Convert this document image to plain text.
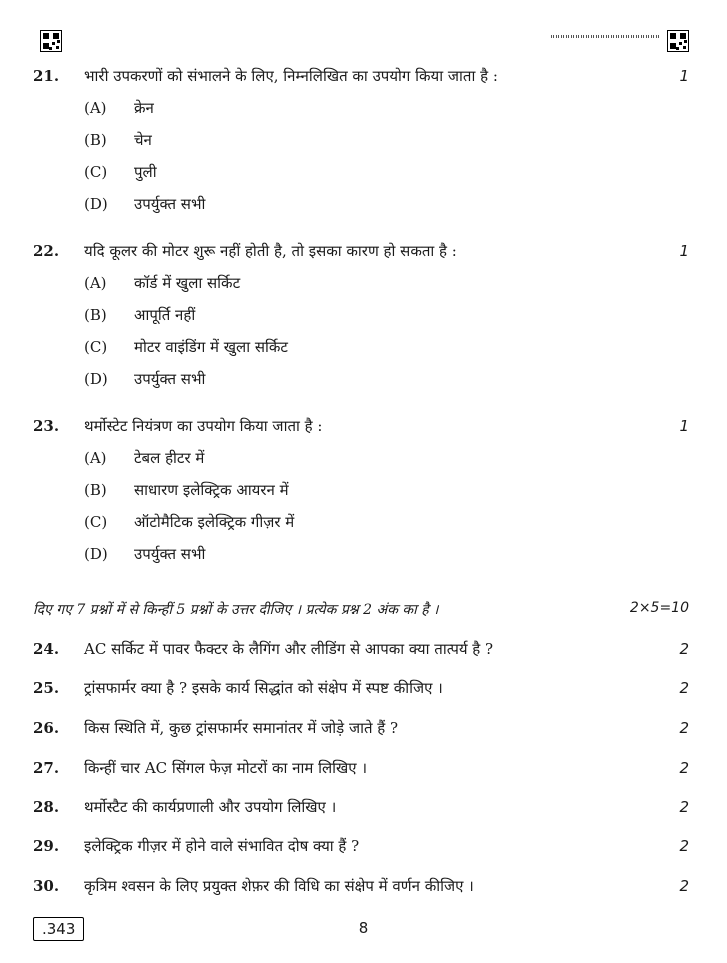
21. भारी उपकरणों को संभालने के लिए, निम्नलिखित का उपयोग किया जाता है :	1
(A) क्रेन
(B) चेन
(C) पुली
(D) उपर्युक्त सभी
22. यदि कूलर की मोटर शुरू नहीं होती है, तो इसका कारण हो सकता है :	1
(A) कॉर्ड में खुला सर्किट
(B) आपूर्ति नहीं
(C) मोटर वाइंडिंग में खुला सर्किट
(D) उपर्युक्त सभी
23. थर्मोस्टेट नियंत्रण का उपयोग किया जाता है :	1
(A) टेबल हीटर में
(B) साधारण इलेक्ट्रिक आयरन में
(C) ऑटोमैटिक इलेक्ट्रिक गीज़र में
(D) उपर्युक्त सभी
दिए गए 7 प्रश्नों में से किन्हीं 5 प्रश्नों के उत्तर दीजिए । प्रत्येक प्रश्न 2 अंक का है ।	2×5=10
24. AC सर्किट में पावर फैक्टर के लैगिंग और लीडिंग से आपका क्या तात्पर्य है ?	2
25. ट्रांसफार्मर क्या है ? इसके कार्य सिद्धांत को संक्षेप में स्पष्ट कीजिए ।	2
26. किस स्थिति में, कुछ ट्रांसफार्मर समानांतर में जोड़े जाते हैं ?	2
27. किन्हीं चार AC सिंगल फेज़ मोटरों का नाम लिखिए ।	2
28. थर्मोस्टैट की कार्यप्रणाली और उपयोग लिखिए ।	2
29. इलेक्ट्रिक गीज़र में होने वाले संभावित दोष क्या हैं ?	2
30. कृत्रिम श्वसन के लिए प्रयुक्त शेफ़र की विधि का संक्षेप में वर्णन कीजिए ।	2
.343	8
